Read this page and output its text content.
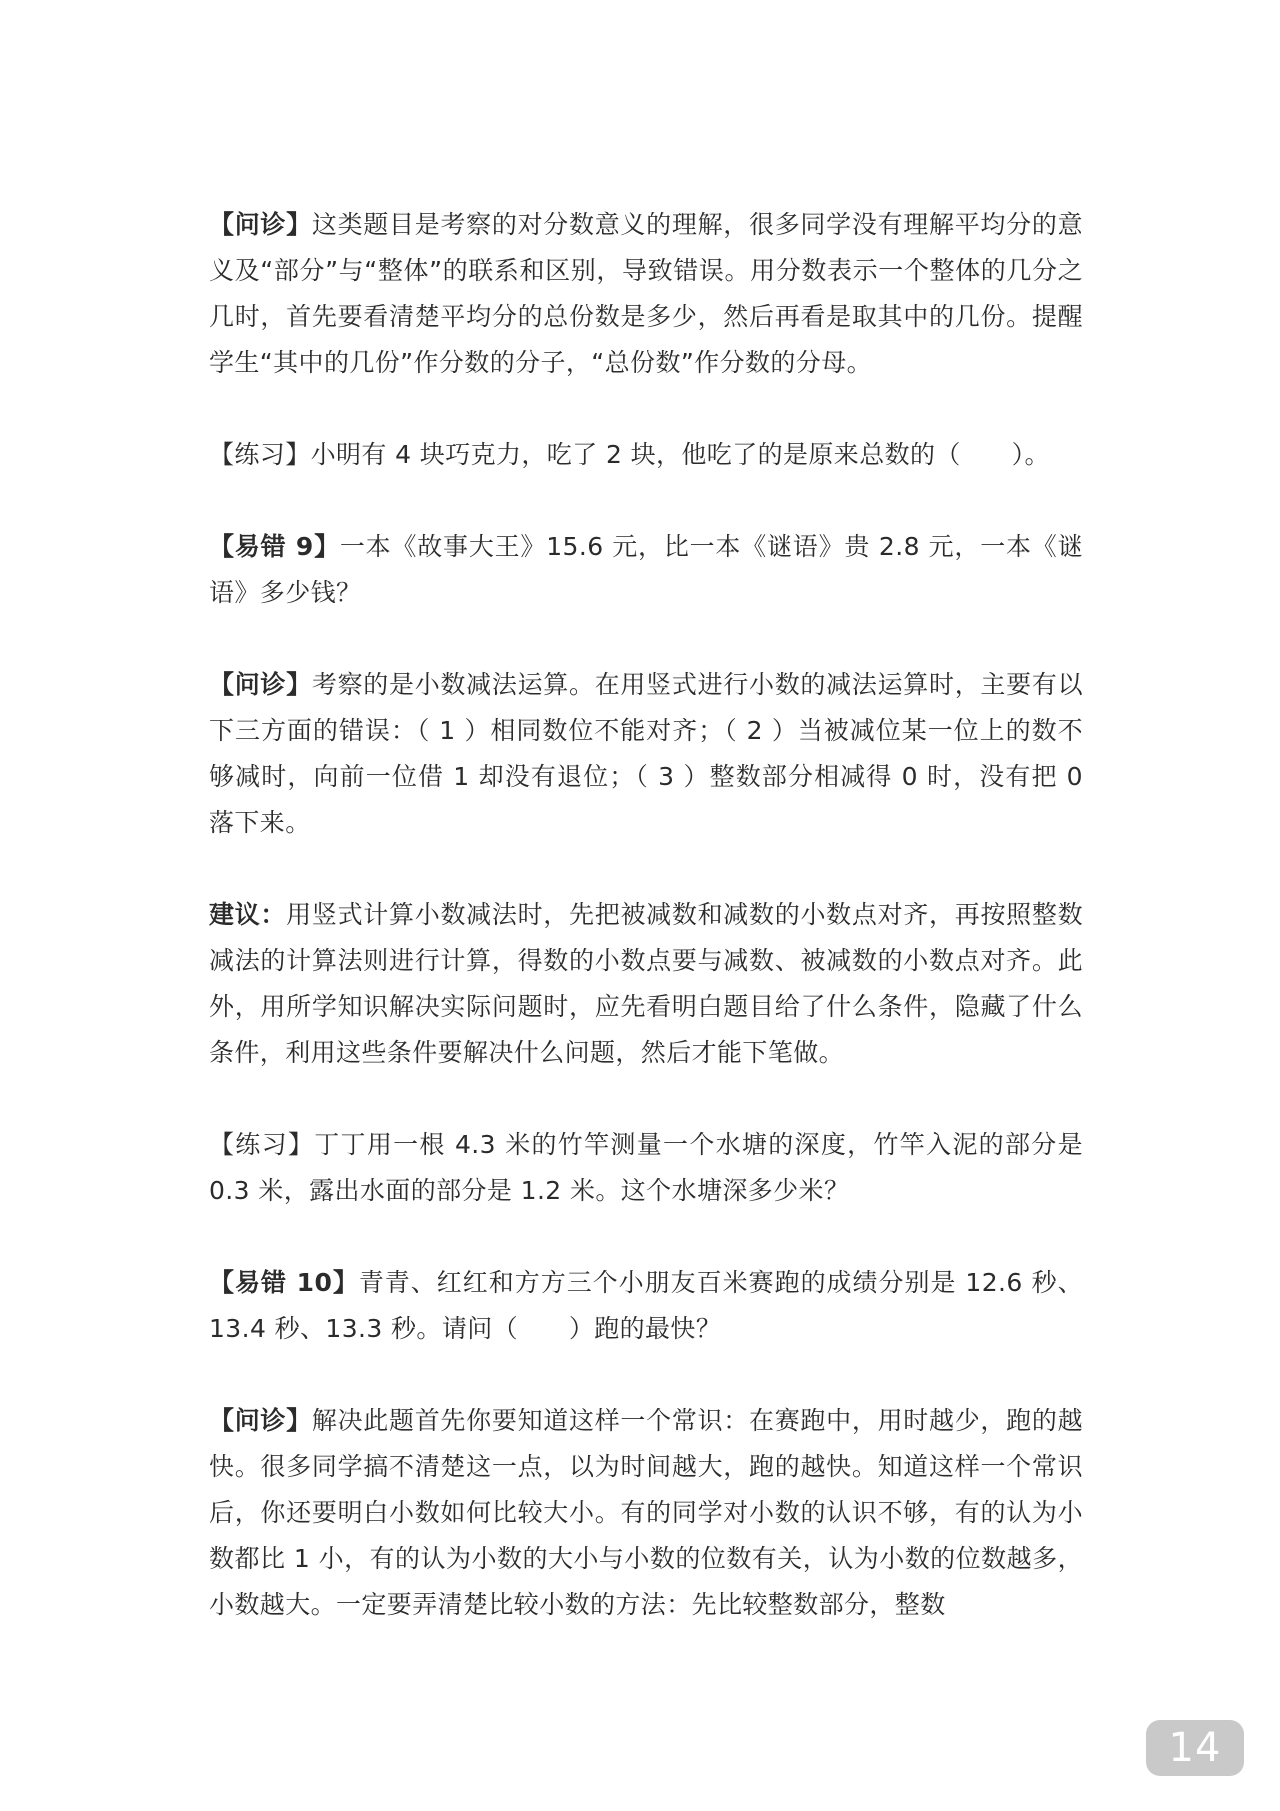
【问诊】这类题目是考察的对分数意义的理解，很多同学没有理解平均分的意义及“部分”与“整体”的联系和区别，导致错误。用分数表示一个整体的几分之几时，首先要看清楚平均分的总份数是多少，然后再看是取其中的几份。提醒学生“其中的几份”作分数的分子，“总份数”作分数的分母。

【练习】小明有 4 块巧克力，吃了 2 块，他吃了的是原来总数的（　　）。

【易错 9】一本《故事大王》15.6 元，比一本《谜语》贵 2.8 元，一本《谜语》多少钱？

【问诊】考察的是小数减法运算。在用竖式进行小数的减法运算时，主要有以下三方面的错误：（ 1 ）相同数位不能对齐；（ 2 ）当被减位某一位上的数不够减时，向前一位借 1 却没有退位；（ 3 ）整数部分相减得 0 时，没有把 0 落下来。

建议：用竖式计算小数减法时，先把被减数和减数的小数点对齐，再按照整数减法的计算法则进行计算，得数的小数点要与减数、被减数的小数点对齐。此外，用所学知识解决实际问题时，应先看明白题目给了什么条件，隐藏了什么条件，利用这些条件要解决什么问题，然后才能下笔做。

【练习】丁丁用一根 4.3 米的竹竿测量一个水塘的深度，竹竿入泥的部分是 0.3 米，露出水面的部分是 1.2 米。这个水塘深多少米？

【易错 10】青青、红红和方方三个小朋友百米赛跑的成绩分别是 12.6 秒、13.4 秒、13.3 秒。请问（　　）跑的最快？

【问诊】解决此题首先你要知道这样一个常识：在赛跑中，用时越少，跑的越快。很多同学搞不清楚这一点，以为时间越大，跑的越快。知道这样一个常识后，你还要明白小数如何比较大小。有的同学对小数的认识不够，有的认为小数都比 1 小，有的认为小数的大小与小数的位数有关，认为小数的位数越多，小数越大。一定要弄清楚比较小数的方法：先比较整数部分，整数

14
